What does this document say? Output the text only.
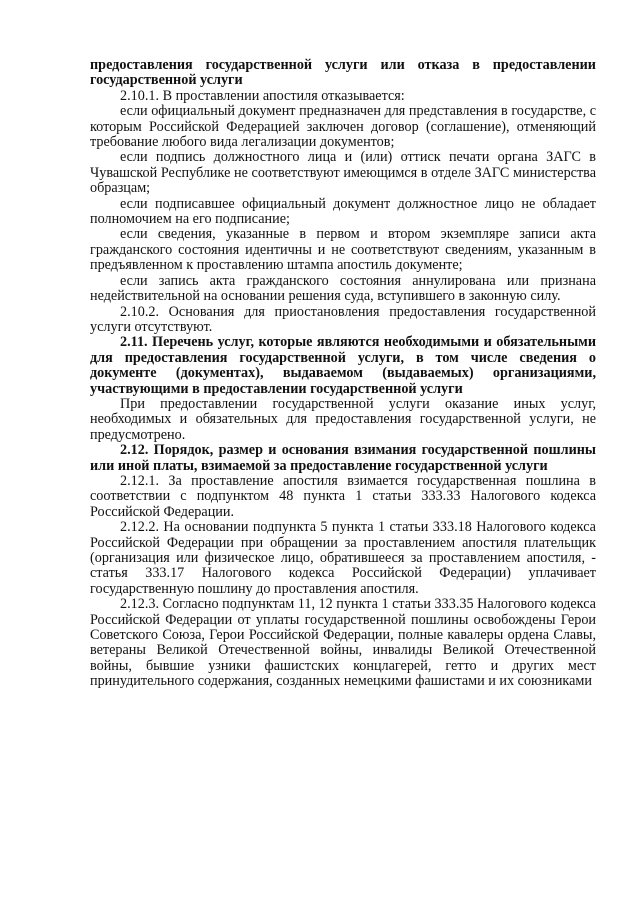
предоставления государственной услуги или отказа в предоставлении государственной услуги

2.10.1. В проставлении апостиля отказывается:

если официальный документ предназначен для представления в государстве, с которым Российской Федерацией заключен договор (соглашение), отменяющий требование любого вида легализации документов;

если подпись должностного лица и (или) оттиск печати органа ЗАГС в Чувашской Республике не соответствуют имеющимся в отделе ЗАГС министерства образцам;

если подписавшее официальный документ должностное лицо не обладает полномочием на его подписание;

если сведения, указанные в первом и втором экземпляре записи акта гражданского состояния идентичны и не соответствуют сведениям, указанным в предъявленном к проставлению штампа апостиль документе;

если запись акта гражданского состояния аннулирована или признана недействительной на основании решения суда, вступившего в законную силу.

2.10.2. Основания для приостановления предоставления государственной услуги отсутствуют.

2.11. Перечень услуг, которые являются необходимыми и обязательными для предоставления государственной услуги, в том числе сведения о документе (документах), выдаваемом (выдаваемых) организациями, участвующими в предоставлении государственной услуги

При предоставлении государственной услуги оказание иных услуг, необходимых и обязательных для предоставления государственной услуги, не предусмотрено.

2.12. Порядок, размер и основания взимания государственной пошлины или иной платы, взимаемой за предоставление государственной услуги

2.12.1. За проставление апостиля взимается государственная пошлина в соответствии с подпунктом 48 пункта 1 статьи 333.33 Налогового кодекса Российской Федерации.

2.12.2. На основании подпункта 5 пункта 1 статьи 333.18 Налогового кодекса Российской Федерации при обращении за проставлением апостиля плательщик (организация или физическое лицо, обратившееся за проставлением апостиля, - статья 333.17 Налогового кодекса Российской Федерации) уплачивает государственную пошлину до проставления апостиля.

2.12.3. Согласно подпунктам 11, 12 пункта 1 статьи 333.35 Налогового кодекса Российской Федерации от уплаты государственной пошлины освобождены Герои Советского Союза, Герои Российской Федерации, полные кавалеры ордена Славы, ветераны Великой Отечественной войны, инвалиды Великой Отечественной войны, бывшие узники фашистских концлагерей, гетто и других мест принудительного содержания, созданных немецкими фашистами и их союзниками
